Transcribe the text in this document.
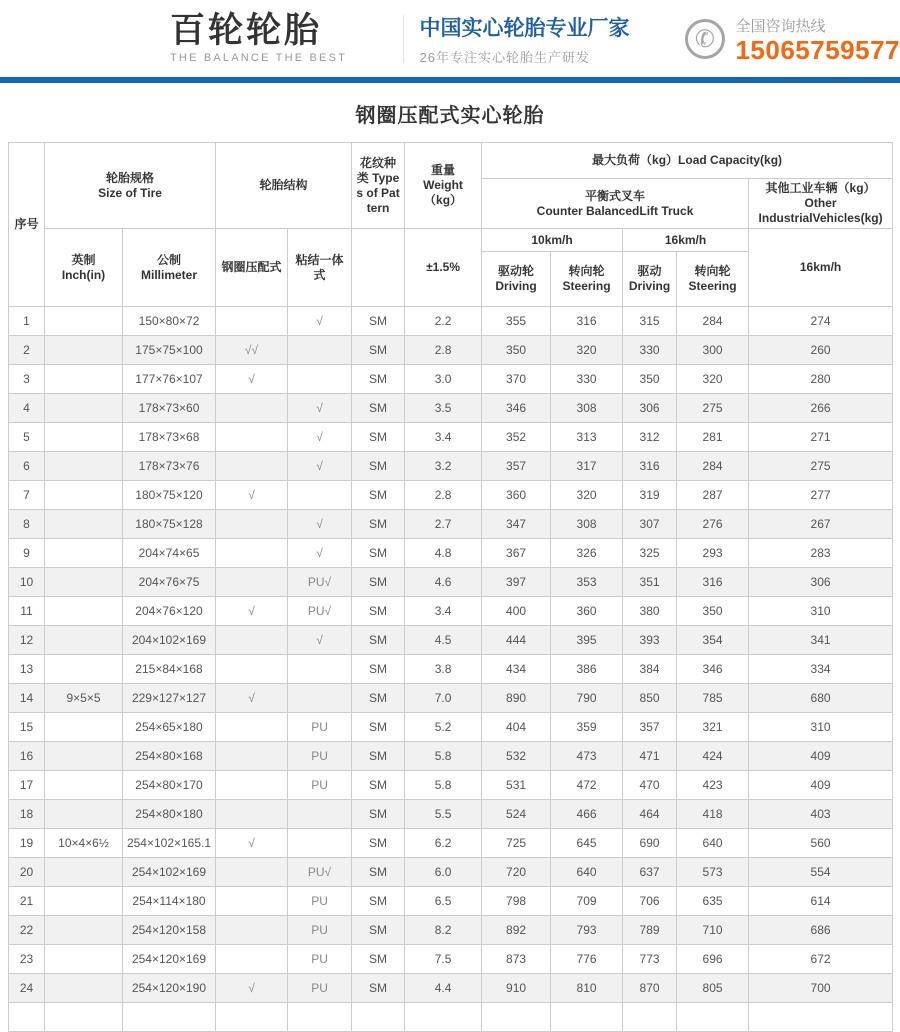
百轮轮胎
THE BALANCE THE BEST
中国实心轮胎专业厂家
26年专注实心轮胎生产研发
✆ 全国咨询热线
15065759577
钢圈压配式实心轮胎
序号	轮胎规格
Size of Tire		轮胎结构		花纹种类 Types of Pattern	重量
Weight（kg）	最大负荷（kg）Load Capacity(kg)				

							平衡式叉车
Counter BalancedLift Truck				其他工业车辆（kg）
Other IndustrialVehicles(kg)

	英制
Inch(in)	公制
Millimeter	钢圈压配式	粘结一体式		±1.5%	10km/h		16km/h		16km/h

							驱动轮
Driving	转向轮
Steering	驱动
Driving	转向轮
Steering	

1		150×80×72		√	SM	2.2	355	316	315	284	274
2		175×75×100	√√		SM	2.8	350	320	330	300	260
3		177×76×107	√		SM	3.0	370	330	350	320	280
4		178×73×60		√	SM	3.5	346	308	306	275	266
5		178×73×68		√	SM	3.4	352	313	312	281	271
6		178×73×76		√	SM	3.2	357	317	316	284	275
7		180×75×120	√		SM	2.8	360	320	319	287	277
8		180×75×128		√	SM	2.7	347	308	307	276	267
9		204×74×65		√	SM	4.8	367	326	325	293	283
10		204×76×75		PU√	SM	4.6	397	353	351	316	306
11		204×76×120	√	PU√	SM	3.4	400	360	380	350	310
12		204×102×169		√	SM	4.5	444	395	393	354	341
13		215×84×168			SM	3.8	434	386	384	346	334
14	9×5×5	229×127×127	√		SM	7.0	890	790	850	785	680
15		254×65×180		PU	SM	5.2	404	359	357	321	310
16		254×80×168		PU	SM	5.8	532	473	471	424	409
17		254×80×170		PU	SM	5.8	531	472	470	423	409
18		254×80×180			SM	5.5	524	466	464	418	403
19	10×4×6½	254×102×165.1	√		SM	6.2	725	645	690	640	560
20		254×102×169		PU√	SM	6.0	720	640	637	573	554
21		254×114×180		PU	SM	6.5	798	709	706	635	614
22		254×120×158		PU	SM	8.2	892	793	789	710	686
23		254×120×169		PU	SM	7.5	873	776	773	696	672
24		254×120×190	√	PU	SM	4.4	910	810	870	805	700
